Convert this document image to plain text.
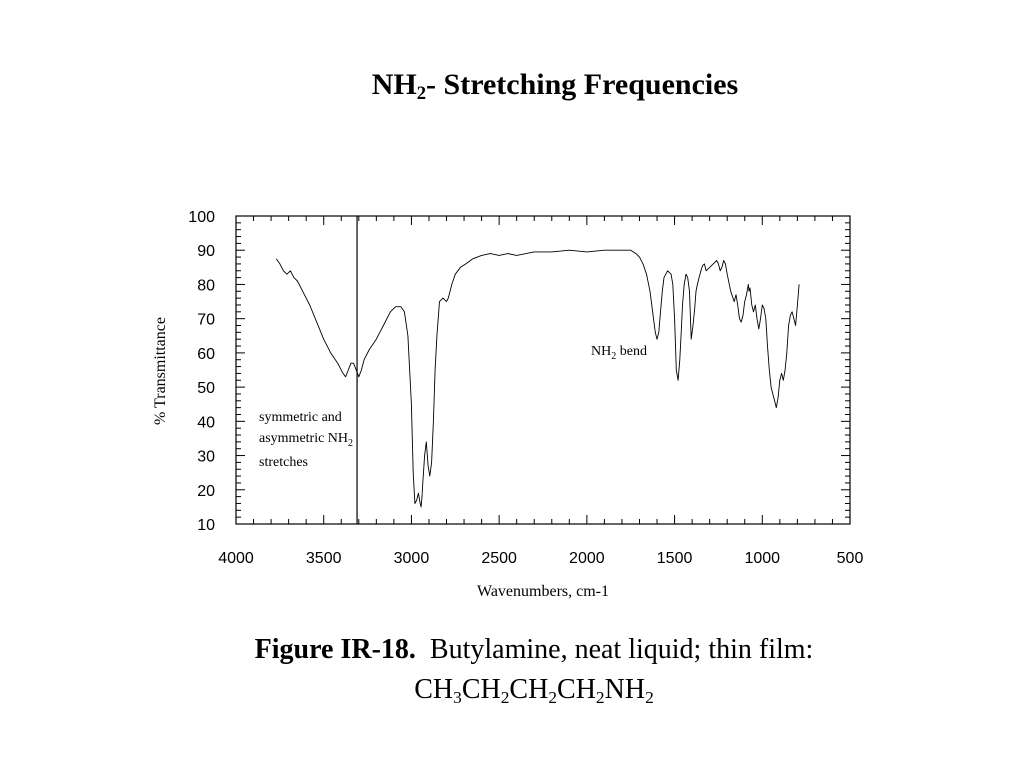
$NH_2-$ Stretching Frequencies
4000	3500	3000	2500	2000	1500	1000	500
10
20
30
40
50
60
70
80
90
100
Wavenumbers, cm-1
% Transmittance	symmetric and
asymmetric $NH_2$
stretches
$NH_2$ bend
Figure IR-18. Butylamine, neat liquid; thin film:
$CH_3CH_2CH_2CH_2NH_2$
